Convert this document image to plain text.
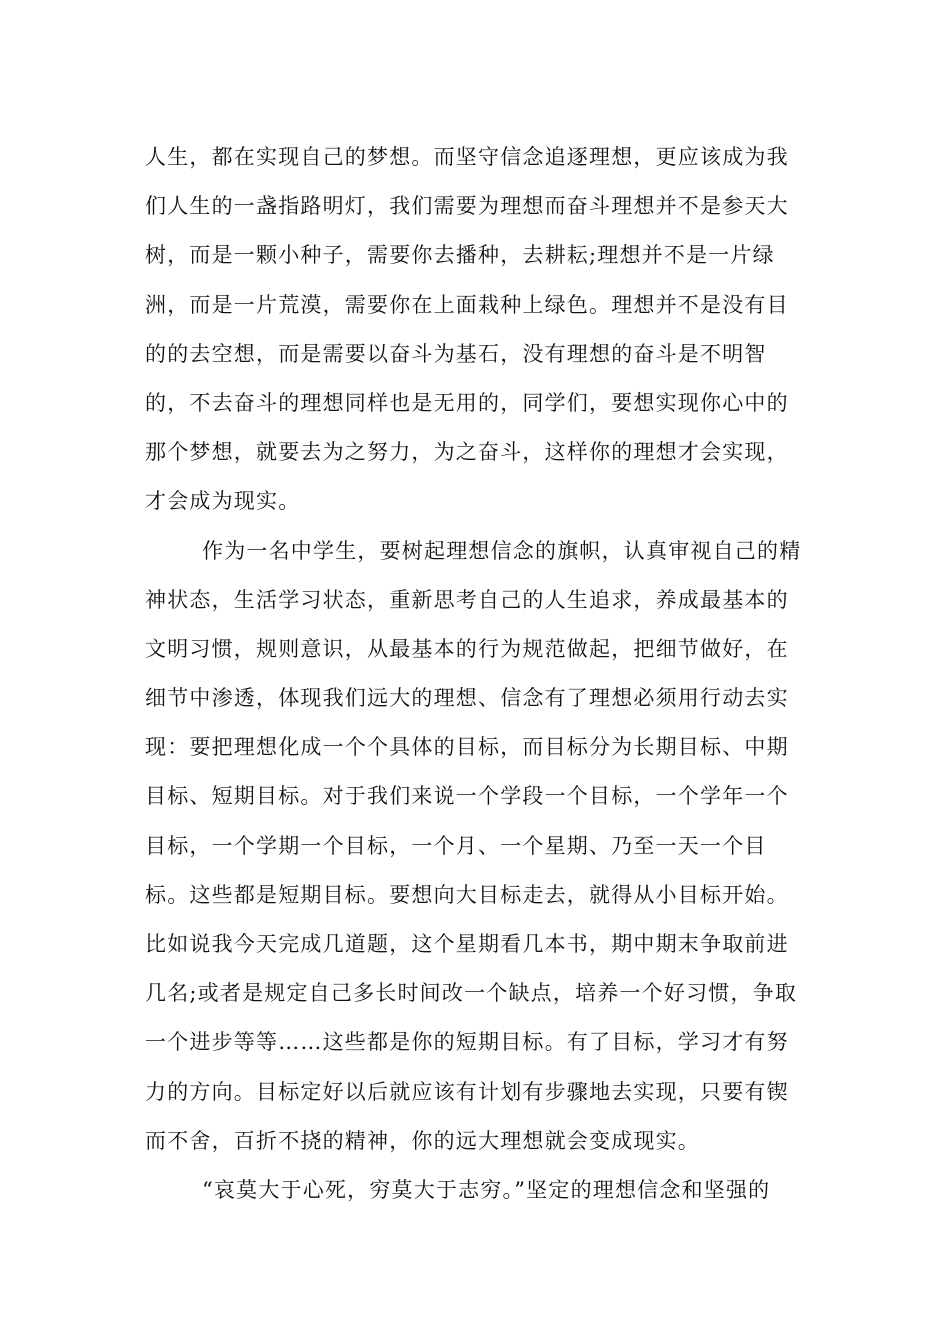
人生，都在实现自己的梦想。而坚守信念追逐理想，更应该成为我

们人生的一盏指路明灯，我们需要为理想而奋斗理想并不是参天大

树，而是一颗小种子，需要你去播种，去耕耘;理想并不是一片绿

洲，而是一片荒漠，需要你在上面栽种上绿色。理想并不是没有目

的的去空想，而是需要以奋斗为基石，没有理想的奋斗是不明智

的，不去奋斗的理想同样也是无用的，同学们，要想实现你心中的

那个梦想，就要去为之努力，为之奋斗，这样你的理想才会实现，

才会成为现实。

作为一名中学生，要树起理想信念的旗帜，认真审视自己的精

神状态，生活学习状态，重新思考自己的人生追求，养成最基本的

文明习惯，规则意识，从最基本的行为规范做起，把细节做好，在

细节中渗透，体现我们远大的理想、信念有了理想必须用行动去实

现：要把理想化成一个个具体的目标，而目标分为长期目标、中期

目标、短期目标。对于我们来说一个学段一个目标，一个学年一个

目标，一个学期一个目标，一个月、一个星期、乃至一天一个目

标。这些都是短期目标。要想向大目标走去，就得从小目标开始。

比如说我今天完成几道题，这个星期看几本书，期中期末争取前进

几名;或者是规定自己多长时间改一个缺点，培养一个好习惯，争取

一个进步等等……这些都是你的短期目标。有了目标，学习才有努

力的方向。目标定好以后就应该有计划有步骤地去实现，只要有锲

而不舍，百折不挠的精神，你的远大理想就会变成现实。

“哀莫大于心死，穷莫大于志穷。”坚定的理想信念和坚强的
